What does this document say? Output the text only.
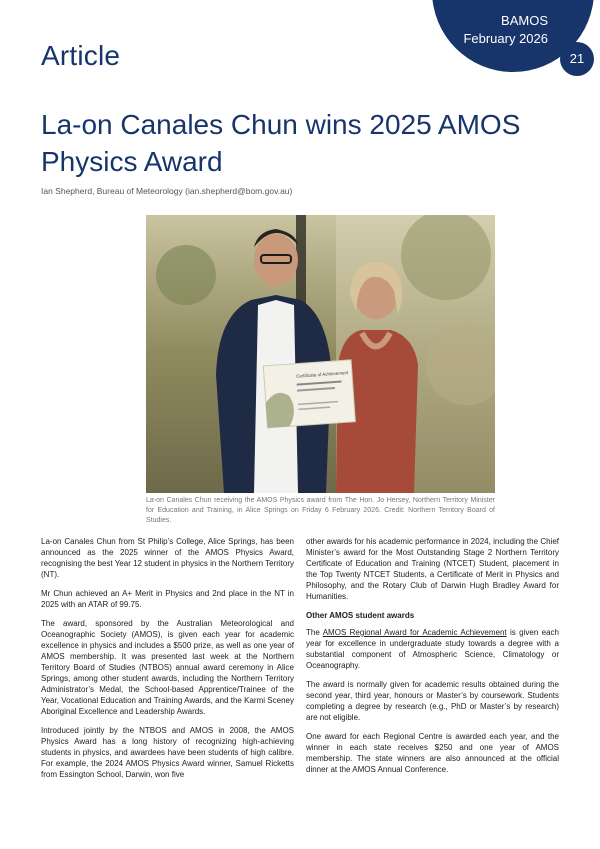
BAMOS
February 2026
21
Article
La-on Canales Chun wins 2025 AMOS Physics Award
Ian Shepherd, Bureau of Meteorology (ian.shepherd@bom.gov.au)
Certificate of Achievement
La-on Canales Chun receiving the AMOS Physics award from The Hon. Jo Hersey, Northern Territory Minister for Education and Training, in Alice Springs on Friday 6 February 2026. Credit: Northern Territory Board of Studies.

La-on Canales Chun from St Philip’s College, Alice Springs, has been announced as the 2025 winner of the AMOS Physics Award, recognising the best Year 12 student in physics in the Northern Territory (NT).

Mr Chun achieved an A+ Merit in Physics and 2nd place in the NT in 2025 with an ATAR of 99.75.

The award, sponsored by the Australian Meteorological and Oceanographic Society (AMOS), is given each year for academic excellence in physics and includes a $500 prize, as well as one year of AMOS membership. It was presented last week at the Northern Territory Board of Studies (NTBOS) annual award ceremony in Alice Springs, among other student awards, including the Northern Territory Administrator’s Medal, the School-based Apprentice/Trainee of the Year, Vocational Education and Training Awards, and the Karmi Sceney Aboriginal Excellence and Leadership Awards.

Introduced jointly by the NTBOS and AMOS in 2008, the AMOS Physics Award has a long history of recognizing high-achieving students in physics, and awardees have been students of high calibre. For example, the 2024 AMOS Physics Award winner, Samuel Ricketts from Essington School, Darwin, won five

other awards for his academic performance in 2024, including the Chief Minister’s award for the Most Outstanding Stage 2 Northern Territory Certificate of Education and Training (NTCET) Student, placement in the Top Twenty NTCET Students, a Certificate of Merit in Physics and Philosophy, and the Rotary Club of Darwin Hugh Bradley Award for Humanities.

Other AMOS student awards

The AMOS Regional Award for Academic Achievement is given each year for excellence in undergraduate study towards a degree with a substantial component of Atmospheric Science, Climatology or Oceanography.

The award is normally given for academic results obtained during the second year, third year, honours or Master’s by coursework. Students completing a degree by research (e.g., PhD or Master’s by research) are not eligible.

One award for each Regional Centre is awarded each year, and the winner in each state receives $250 and one year of AMOS membership. The state winners are also announced at the official dinner at the AMOS Annual Conference.
